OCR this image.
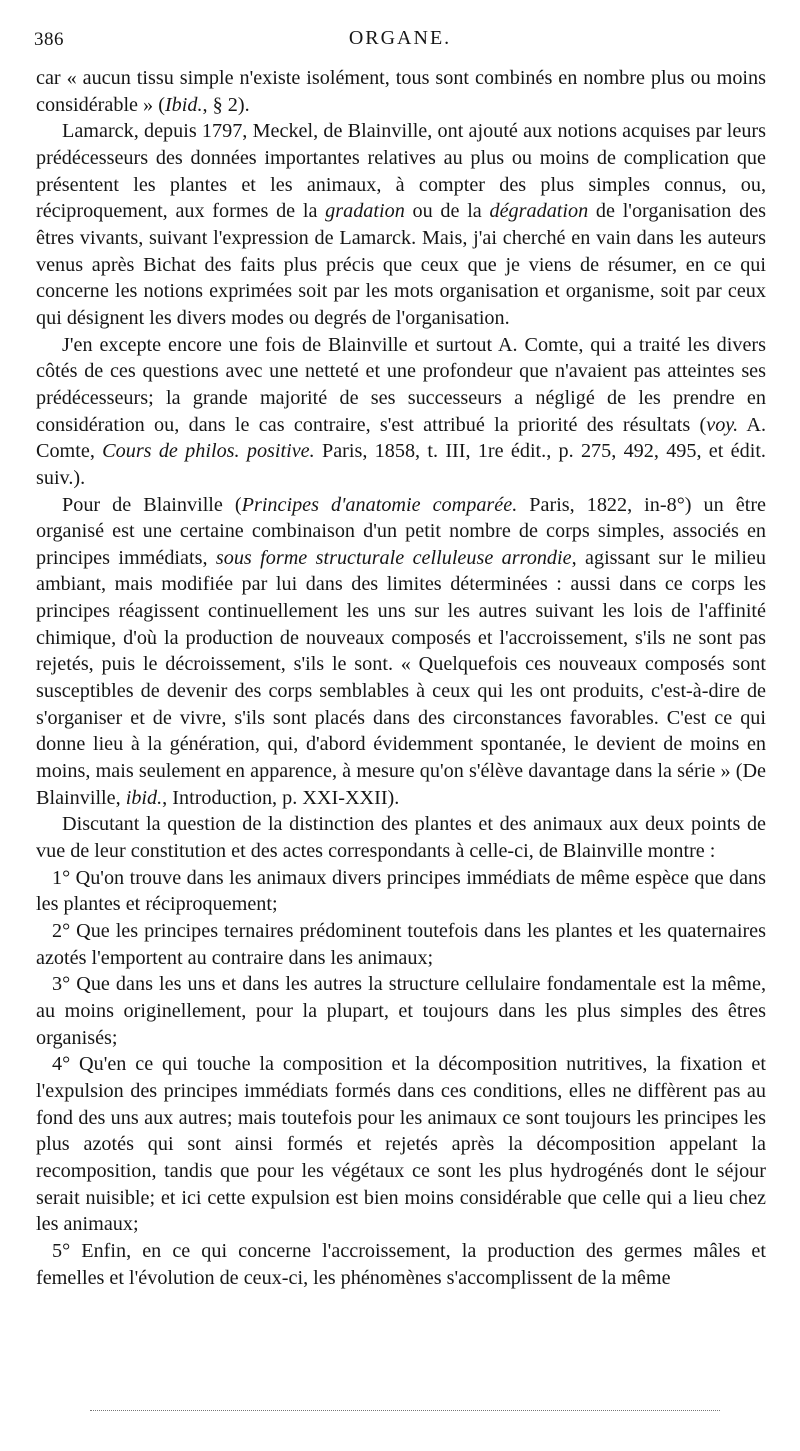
386	ORGANE.

car « aucun tissu simple n'existe isolément, tous sont combinés en nombre plus ou moins considérable » (Ibid., § 2).

Lamarck, depuis 1797, Meckel, de Blainville, ont ajouté aux notions acquises par leurs prédécesseurs des données importantes relatives au plus ou moins de complication que présentent les plantes et les animaux, à compter des plus simples connus, ou, réciproquement, aux formes de la gradation ou de la dégradation de l'organisation des êtres vivants, suivant l'expression de Lamarck. Mais, j'ai cherché en vain dans les auteurs venus après Bichat des faits plus précis que ceux que je viens de résumer, en ce qui concerne les notions exprimées soit par les mots organisation et organisme, soit par ceux qui désignent les divers modes ou degrés de l'organisation.

J'en excepte encore une fois de Blainville et surtout A. Comte, qui a traité les divers côtés de ces questions avec une netteté et une profondeur que n'avaient pas atteintes ses prédécesseurs; la grande majorité de ses successeurs a négligé de les prendre en considération ou, dans le cas contraire, s'est attribué la priorité des résultats (voy. A. Comte, Cours de philos. positive. Paris, 1858, t. III, 1re édit., p. 275, 492, 495, et édit. suiv.).

Pour de Blainville (Principes d'anatomie comparée. Paris, 1822, in-8°) un être organisé est une certaine combinaison d'un petit nombre de corps simples, associés en principes immédiats, sous forme structurale celluleuse arrondie, agissant sur le milieu ambiant, mais modifiée par lui dans des limites déterminées : aussi dans ce corps les principes réagissent continuellement les uns sur les autres suivant les lois de l'affinité chimique, d'où la production de nouveaux composés et l'accroissement, s'ils ne sont pas rejetés, puis le décroissement, s'ils le sont. « Quelquefois ces nouveaux composés sont susceptibles de devenir des corps semblables à ceux qui les ont produits, c'est-à-dire de s'organiser et de vivre, s'ils sont placés dans des circonstances favorables. C'est ce qui donne lieu à la génération, qui, d'abord évidemment spontanée, le devient de moins en moins, mais seulement en apparence, à mesure qu'on s'élève davantage dans la série » (De Blainville, ibid., Introduction, p. XXI-XXII).

Discutant la question de la distinction des plantes et des animaux aux deux points de vue de leur constitution et des actes correspondants à celle-ci, de Blainville montre :

1° Qu'on trouve dans les animaux divers principes immédiats de même espèce que dans les plantes et réciproquement;

2° Que les principes ternaires prédominent toutefois dans les plantes et les quaternaires azotés l'emportent au contraire dans les animaux;

3° Que dans les uns et dans les autres la structure cellulaire fondamentale est la même, au moins originellement, pour la plupart, et toujours dans les plus simples des êtres organisés;

4° Qu'en ce qui touche la composition et la décomposition nutritives, la fixation et l'expulsion des principes immédiats formés dans ces conditions, elles ne diffèrent pas au fond des uns aux autres; mais toutefois pour les animaux ce sont toujours les principes les plus azotés qui sont ainsi formés et rejetés après la décomposition appelant la recomposition, tandis que pour les végétaux ce sont les plus hydrogénés dont le séjour serait nuisible; et ici cette expulsion est bien moins considérable que celle qui a lieu chez les animaux;

5° Enfin, en ce qui concerne l'accroissement, la production des germes mâles et femelles et l'évolution de ceux-ci, les phénomènes s'accomplissent de la même
